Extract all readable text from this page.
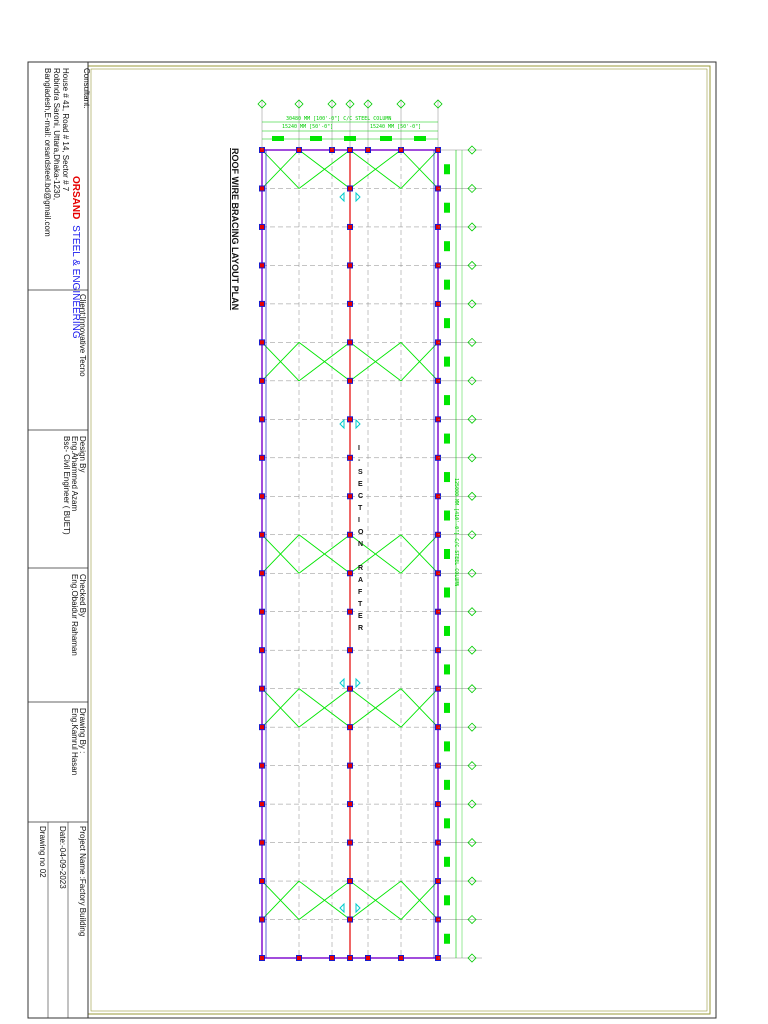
Consultant:
ORSAND STEEL & ENGINEERING
House # 41, Road # 14, Sector # 7
Robindra Saroni, Uttara,Dhaka-1230,
Bangladesh,E-mail: orsandsteel.bd@gmail.com
Client:Innovative Tecno
Design By
Eng.Ahammed Azam
Bsc- Civil Engineer ( BUET)
Checked By
Eng.Obaidur Rahaman
Drawing By :
Eng.Kamrul Hasan
Project Name :Factory Building
Date:-04-09-2023
Drawing no 02
ROOF WIRE BRACING LAYOUT PLAN
I
-
S
E
C
T
I
O
N
R
A
F
T
E
R
30480 MM [100'-0"] C/C STEEL COLUMN
15240 MM [50'-0"]	15240 MM [50'-0"]
125000 MM [410'-0"] C/C STEEL COLUMN
